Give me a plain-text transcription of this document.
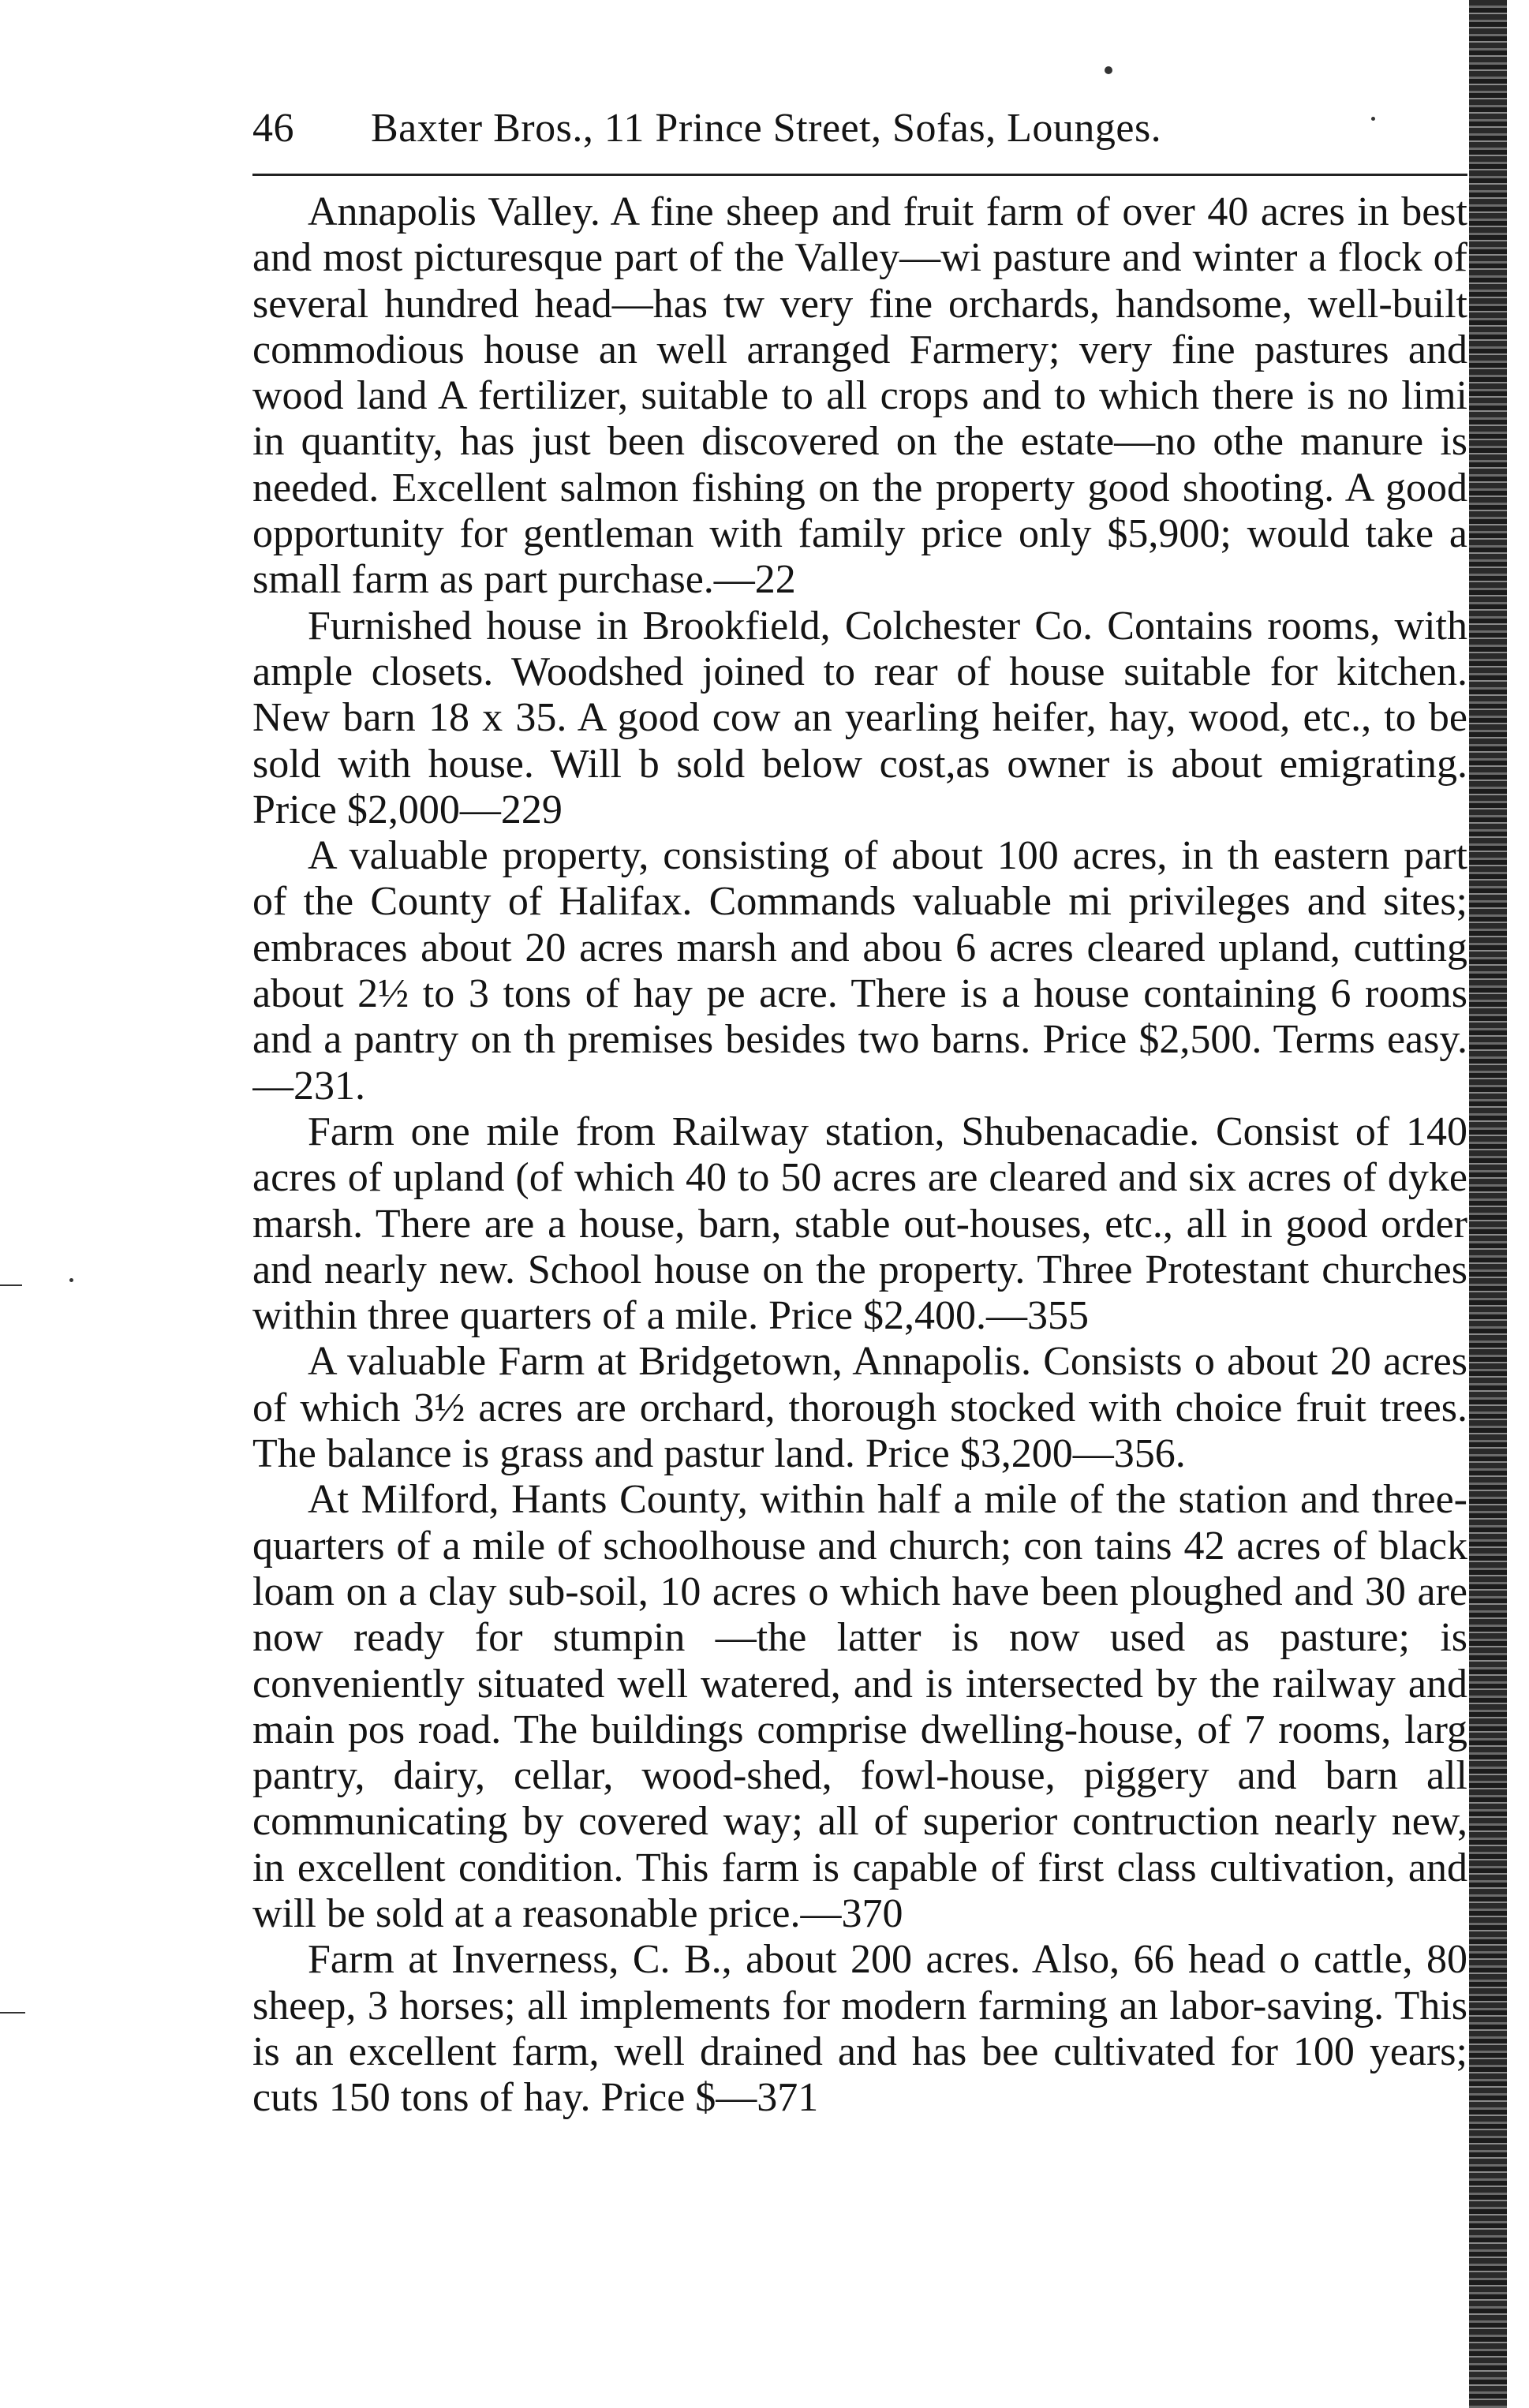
46 Baxter Bros., 11 Prince Street, Sofas, Lounges.

Annapolis Valley. A fine sheep and fruit farm of over 40 acres in best and most picturesque part of the Valley—wi pasture and winter a flock of several hundred head—has tw very fine orchards, handsome, well-built commodious house an well arranged Farmery; very fine pastures and wood land A fertilizer, suitable to all crops and to which there is no limi in quantity, has just been discovered on the estate—no othe manure is needed. Excellent salmon fishing on the property good shooting. A good opportunity for gentleman with family price only $5,900; would take a small farm as part purchase.—22

Furnished house in Brookfield, Colchester Co. Contains rooms, with ample closets. Woodshed joined to rear of house suitable for kitchen. New barn 18 x 35. A good cow an yearling heifer, hay, wood, etc., to be sold with house. Will b sold below cost,as owner is about emigrating. Price $2,000—229

A valuable property, consisting of about 100 acres, in th eastern part of the County of Halifax. Commands valuable mi privileges and sites; embraces about 20 acres marsh and abou 6 acres cleared upland, cutting about 2½ to 3 tons of hay pe acre. There is a house containing 6 rooms and a pantry on th premises besides two barns. Price $2,500. Terms easy.—231.

Farm one mile from Railway station, Shubenacadie. Consist of 140 acres of upland (of which 40 to 50 acres are cleared and six acres of dyke marsh. There are a house, barn, stable out-houses, etc., all in good order and nearly new. School house on the property. Three Protestant churches within three quarters of a mile. Price $2,400.—355

A valuable Farm at Bridgetown, Annapolis. Consists o about 20 acres of which 3½ acres are orchard, thorough stocked with choice fruit trees. The balance is grass and pastur land. Price $3,200—356.

At Milford, Hants County, within half a mile of the station and three-quarters of a mile of schoolhouse and church; con tains 42 acres of black loam on a clay sub-soil, 10 acres o which have been ploughed and 30 are now ready for stumpin —the latter is now used as pasture; is conveniently situated well watered, and is intersected by the railway and main pos road. The buildings comprise dwelling-house, of 7 rooms, larg pantry, dairy, cellar, wood-shed, fowl-house, piggery and barn all communicating by covered way; all of superior contruction nearly new, in excellent condition. This farm is capable of first class cultivation, and will be sold at a reasonable price.—370

Farm at Inverness, C. B., about 200 acres. Also, 66 head o cattle, 80 sheep, 3 horses; all implements for modern farming an labor-saving. This is an excellent farm, well drained and has bee cultivated for 100 years; cuts 150 tons of hay. Price $—371
